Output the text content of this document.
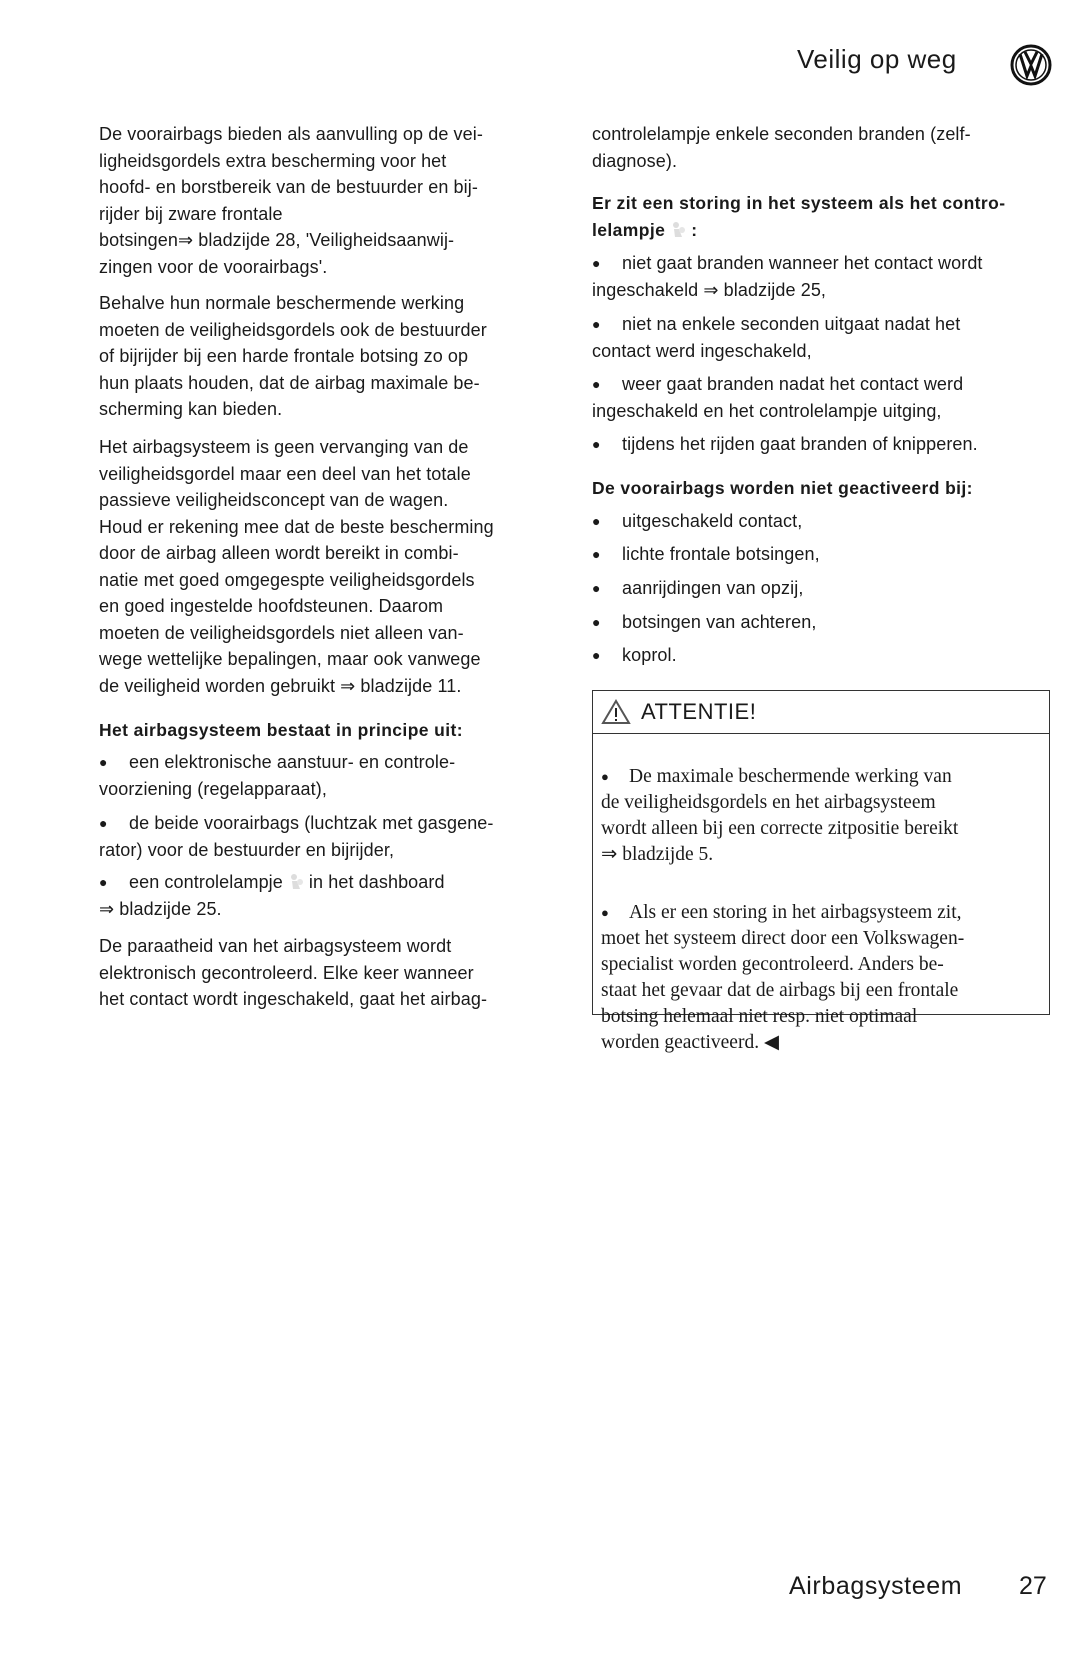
Veilig op weg
De voorairbags bieden als aanvulling op de vei-
ligheidsgordels extra bescherming voor het
hoofd- en borstbereik van de bestuurder en bij-
rijder bij zware frontale
botsingen⇒ bladzijde 28, 'Veiligheidsaanwij-
zingen voor de voorairbags'.
Behalve hun normale beschermende werking
moeten de veiligheidsgordels ook de bestuurder
of bijrijder bij een harde frontale botsing zo op
hun plaats houden, dat de airbag maximale be-
scherming kan bieden.
Het airbagsysteem is geen vervanging van de
veiligheidsgordel maar een deel van het totale
passieve veiligheidsconcept van de wagen.
Houd er rekening mee dat de beste bescherming
door de airbag alleen wordt bereikt in combi-
natie met goed omgegespte veiligheidsgordels
en goed ingestelde hoofdsteunen. Daarom
moeten de veiligheidsgordels niet alleen van-
wege wettelijke bepalingen, maar ook vanwege
de veiligheid worden gebruikt ⇒ bladzijde 11.
Het airbagsysteem bestaat in principe uit:
● een elektronische aanstuur- en controle-
voorziening (regelapparaat),
● de beide voorairbags (luchtzak met gasgene-
rator) voor de bestuurder en bijrijder,
● een controlelampje in het dashboard
⇒ bladzijde 25.
De paraatheid van het airbagsysteem wordt
elektronisch gecontroleerd. Elke keer wanneer
het contact wordt ingeschakeld, gaat het airbag-
controlelampje enkele seconden branden (zelf-
diagnose).
Er zit een storing in het systeem als het contro-
lelampje :
● niet gaat branden wanneer het contact wordt
ingeschakeld ⇒ bladzijde 25,
● niet na enkele seconden uitgaat nadat het
contact werd ingeschakeld,
● weer gaat branden nadat het contact werd
ingeschakeld en het controlelampje uitging,
● tijdens het rijden gaat branden of knipperen.
De voorairbags worden niet geactiveerd bij:
● uitgeschakeld contact,
● lichte frontale botsingen,
● aanrijdingen van opzij,
● botsingen van achteren,
● koprol.
ATTENTIE!

● De maximale beschermende werking van
de veiligheidsgordels en het airbagsysteem
wordt alleen bij een correcte zitpositie bereikt
⇒ bladzijde 5.

● Als er een storing in het airbagsysteem zit,
moet het systeem direct door een Volkswagen-
specialist worden gecontroleerd. Anders be-
staat het gevaar dat de airbags bij een frontale
botsing helemaal niet resp. niet optimaal
worden geactiveerd. ◀

Airbagsysteem 27
